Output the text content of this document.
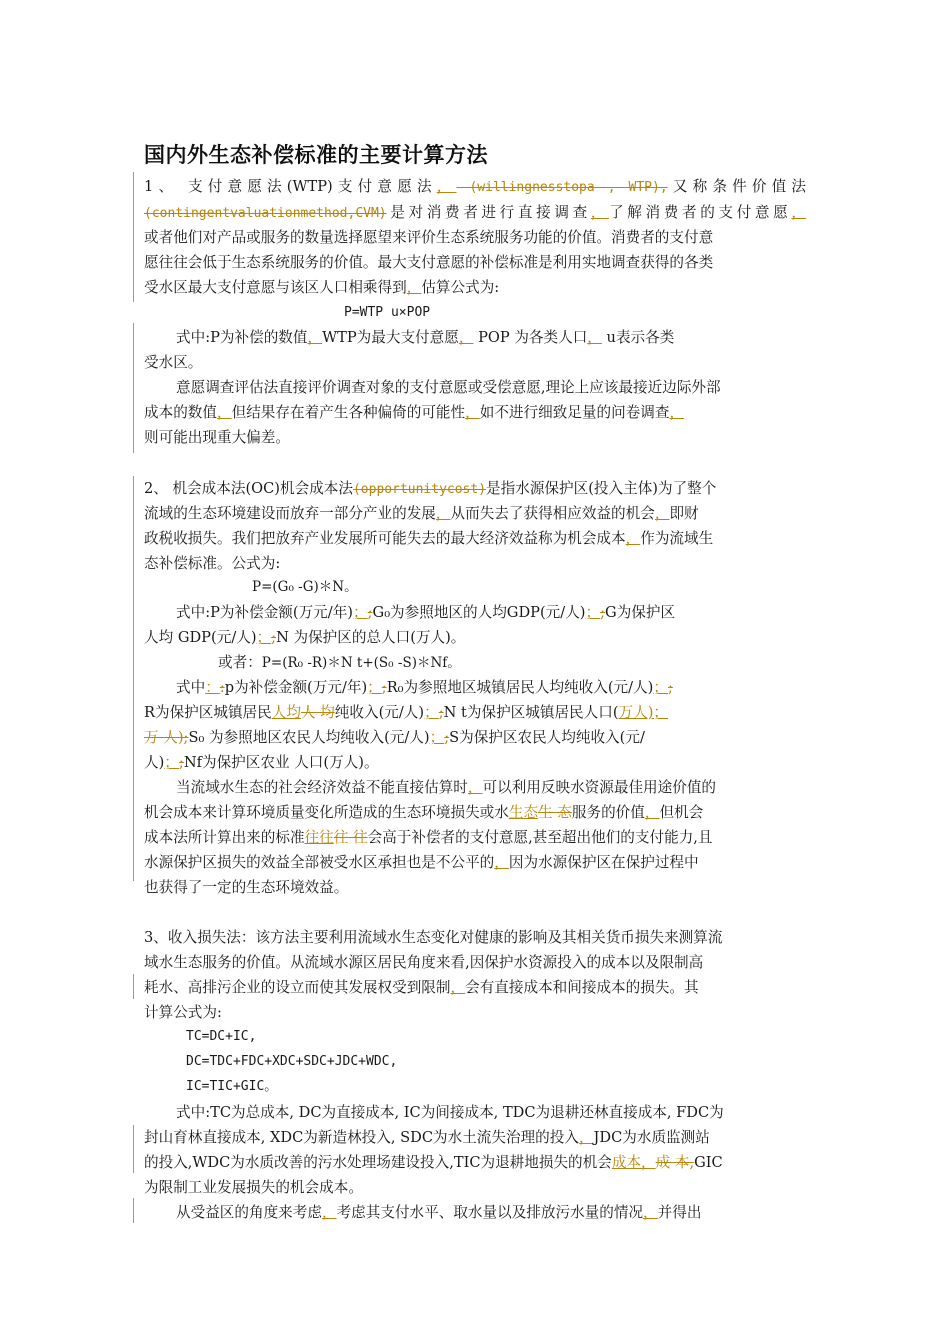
国内外生态补偿标准的主要计算方法
1、 支付意愿法(WTP)支付意愿法， (willingnesstopa , WTP),又称条件价值法
(contingentvaluationmethod,CVM)是对消费者进行直接调查，了解消费者的支付意愿，
或者他们对产品或服务的数量选择愿望来评价生态系统服务功能的价值。消费者的支付意
愿往往会低于生态系统服务的价值。最大支付意愿的补偿标准是利用实地调查获得的各类
受水区最大支付意愿与该区人口相乘得到，估算公式为:
P=WTP u×POP
式中:P为补偿的数值，WTP为最大支付意愿， POP 为各类人口， u表示各类
受水区。
意愿调查评估法直接评价调查对象的支付意愿或受偿意愿,理论上应该最接近边际外部
成本的数值，但结果存在着产生各种偏倚的可能性，如不进行细致足量的问卷调查，
则可能出现重大偏差。
2、 机会成本法(OC)机会成本法(opportunitycost)是指水源保护区(投入主体)为了整个
流域的生态环境建设而放弃一部分产业的发展，从而失去了获得相应效益的机会，即财
政税收损失。我们把放弃产业发展所可能失去的最大经济效益称为机会成本，作为流域生
态补偿标准。公式为:
P=(G₀ -G)＊N。
式中:P为补偿金额(万元/年)；;G₀为参照地区的人均GDP(元/人)；;G为保护区
人均 GDP(元/人)；;N 为保护区的总人口(万人)。
或者：P=(R₀ -R)＊N t+(S₀ -S)＊Nf。
式中：:p为补偿金额(万元/年)；;R₀为参照地区城镇居民人均纯收入(元/人)；;
R为保护区城镇居民人均人 均纯收入(元/人)；;N t为保护区城镇居民人口(万人)；
万 人);S₀ 为参照地区农民人均纯收入(元/人)；;S为保护区农民人均纯收入(元/
人)；;Nf为保护区农业 人口(万人)。
当流域水生态的社会经济效益不能直接估算时，可以利用反映水资源最佳用途价值的
机会成本来计算环境质量变化所造成的生态环境损失或水生态生 态服务的价值，但机会
成本法所计算出来的标准往往往 往会高于补偿者的支付意愿,甚至超出他们的支付能力,且
水源保护区损失的效益全部被受水区承担也是不公平的，因为水源保护区在保护过程中
也获得了一定的生态环境效益。
3、收入损失法：该方法主要利用流域水生态变化对健康的影响及其相关货币损失来测算流
域水生态服务的价值。从流域水源区居民角度来看,因保护水资源投入的成本以及限制高
耗水、高排污企业的设立而使其发展权受到限制，会有直接成本和间接成本的损失。其
计算公式为:
TC=DC+IC,
DC=TDC+FDC+XDC+SDC+JDC+WDC,
IC=TIC+GIC。
式中:TC为总成本, DC为直接成本, IC为间接成本, TDC为退耕还林直接成本, FDC为
封山育林直接成本, XDC为新造林投入, SDC为水土流失治理的投入，JDC为水质监测站
的投入,WDC为水质改善的污水处理场建设投入,TIC为退耕地损失的机会成本，成 本,GIC
为限制工业发展损失的机会成本。
从受益区的角度来考虑，考虑其支付水平、取水量以及排放污水量的情况，并得出
